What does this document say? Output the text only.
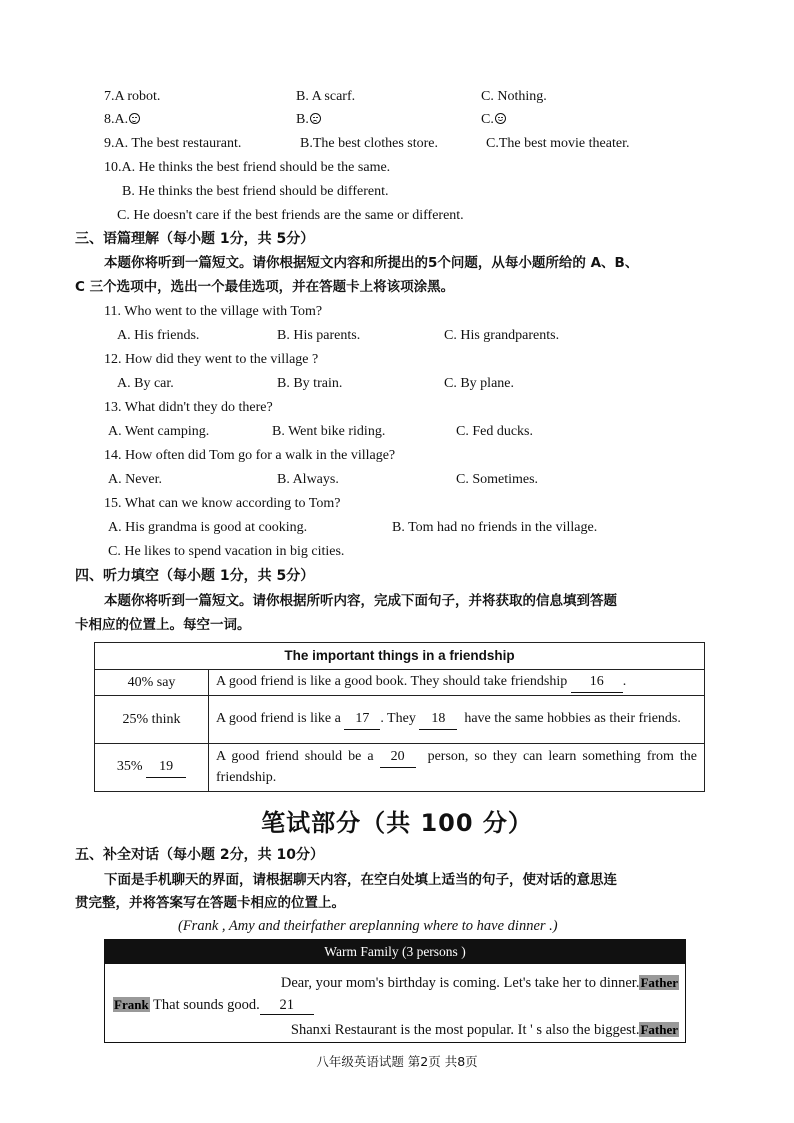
7.A robot.	B. A scarf.	C. Nothing.
8.A.	B.	C.
9.A. The best restaurant.	B.The best clothes store.	C.The best movie theater.
10.A. He thinks the best friend should be the same.
B. He thinks the best friend should be different.
C. He doesn't care if the best friends are the same or different.
三、语篇理解（每小题 1分，共 5分）
本题你将听到一篇短文。请你根据短文内容和所提出的5个问题，从每小题所给的 A、B、
C 三个选项中，选出一个最佳选项，并在答题卡上将该项涂黑。
11. Who went to the village with Tom?
A. His friends.	B. His parents.	C. His grandparents.
12. How did they went to the village ?
A. By car.	B. By train.	C. By plane.
13. What didn't they do there?
A. Went camping.	B. Went bike riding.	C. Fed ducks.
14. How often did Tom go for a walk in the village?
A. Never.	B. Always.	C. Sometimes.
15. What can we know according to Tom?
A. His grandma is good at cooking.	B. Tom had no friends in the village.
C. He likes to spend vacation in big cities.
四、听力填空（每小题 1分，共 5分）
本题你将听到一篇短文。请你根据所听内容，完成下面句子，并将获取的信息填到答题
卡相应的位置上。每空一词。
The important things in a friendship	
40% say	A good friend is like a good book. They should take friendship 16 .
25% think	A good friend is like a 17 . They 18 have the same hobbies as their friends.
35% 19	A good friend should be a 20 person, so they can learn something from the friendship.
笔试部分（共 100 分）
五、补全对话（每小题 2分，共 10分）
下面是手机聊天的界面，请根据聊天内容，在空白处填上适当的句子，使对话的意思连
贯完整，并将答案写在答题卡相应的位置上。
(Frank , Amy and theirfather areplanning where to have dinner .)
Warm Family (3 persons )
Dear, your mom's birthday is coming. Let's take her to dinner.Father
Frank That sounds good. 21
Shanxi Restaurant is the most popular. It ' s also the biggest.Father
八年级英语试题 第2页 共8页
